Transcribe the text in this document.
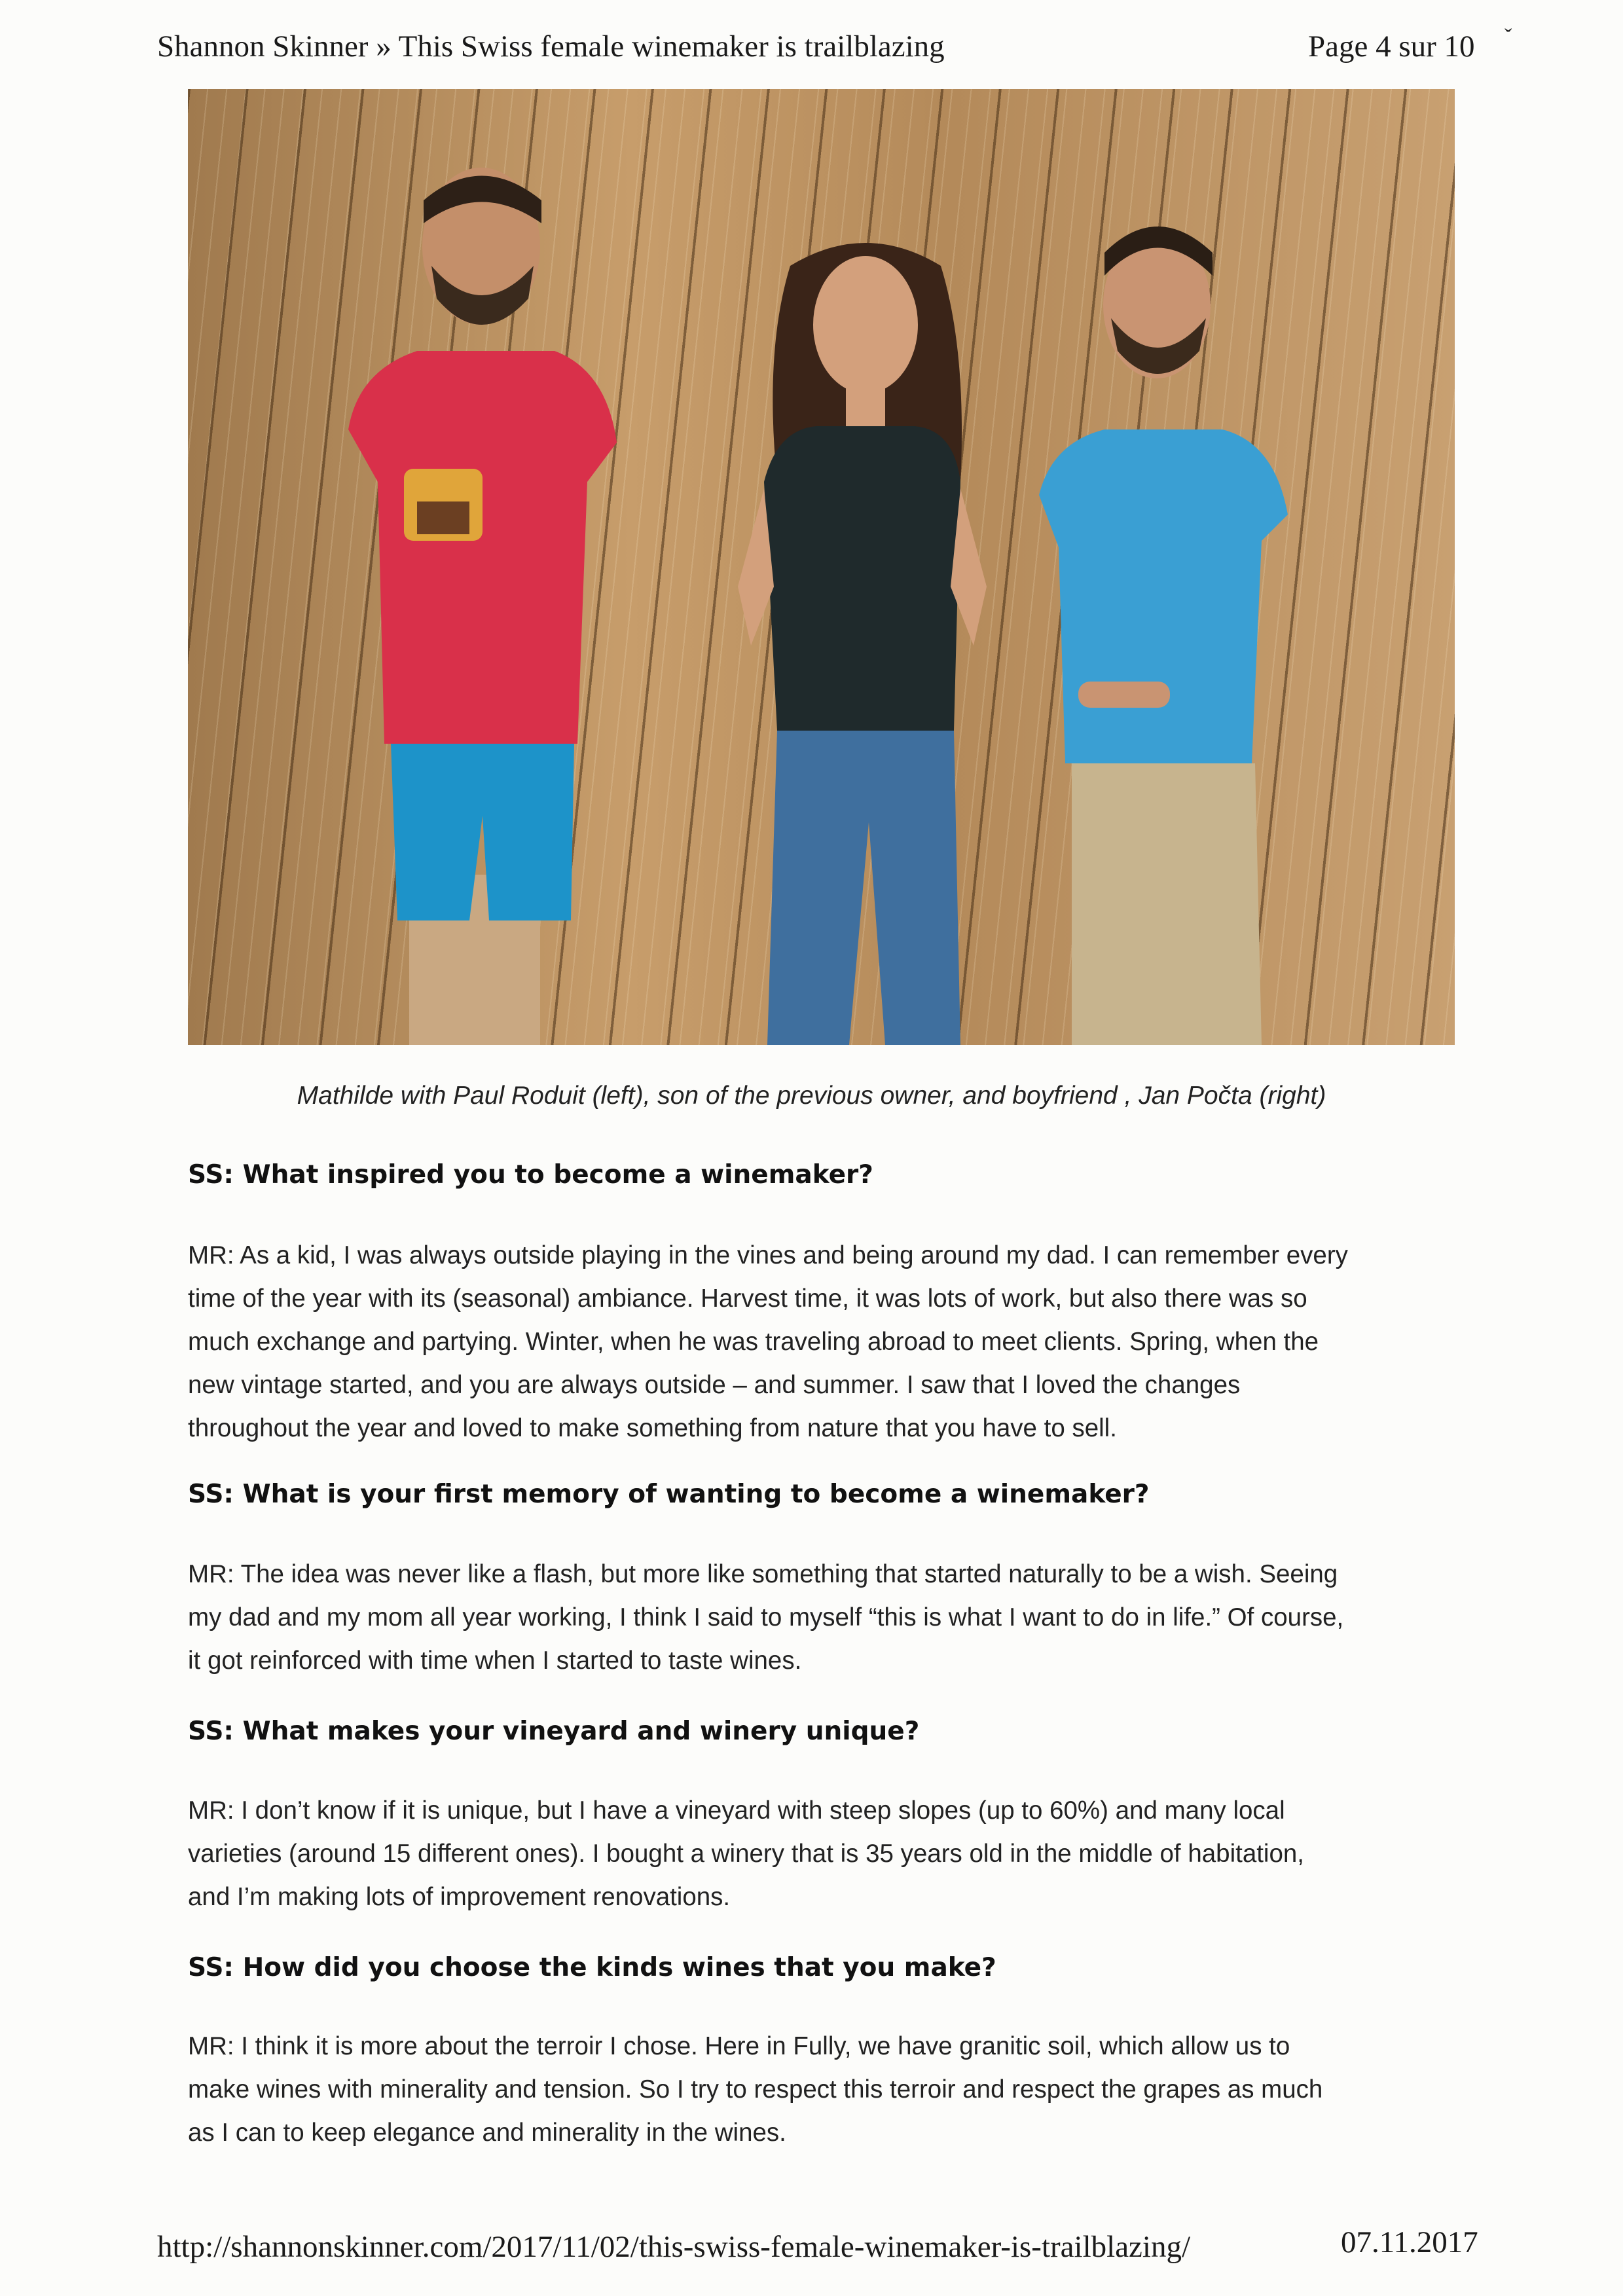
Shannon Skinner » This Swiss female winemaker is trailblazing	Page 4 sur 10 ˇ
Mathilde with Paul Roduit (left), son of the previous owner, and boyfriend , Jan Počta (right)
SS: What inspired you to become a winemaker?
MR: As a kid, I was always outside playing in the vines and being around my dad. I can remember every
time of the year with its (seasonal) ambiance. Harvest time, it was lots of work, but also there was so
much exchange and partying. Winter, when he was traveling abroad to meet clients. Spring, when the
new vintage started, and you are always outside – and summer. I saw that I loved the changes
throughout the year and loved to make something from nature that you have to sell.
SS: What is your first memory of wanting to become a winemaker?
MR: The idea was never like a flash, but more like something that started naturally to be a wish. Seeing
my dad and my mom all year working, I think I said to myself “this is what I want to do in life.” Of course,
it got reinforced with time when I started to taste wines.
SS: What makes your vineyard and winery unique?
MR: I don’t know if it is unique, but I have a vineyard with steep slopes (up to 60%) and many local
varieties (around 15 different ones). I bought a winery that is 35 years old in the middle of habitation,
and I’m making lots of improvement renovations.
SS: How did you choose the kinds wines that you make?
MR: I think it is more about the terroir I chose. Here in Fully, we have granitic soil, which allow us to
make wines with minerality and tension. So I try to respect this terroir and respect the grapes as much
as I can to keep elegance and minerality in the wines.
http://shannonskinner.com/2017/11/02/this-swiss-female-winemaker-is-trailblazing/	07.11.2017
